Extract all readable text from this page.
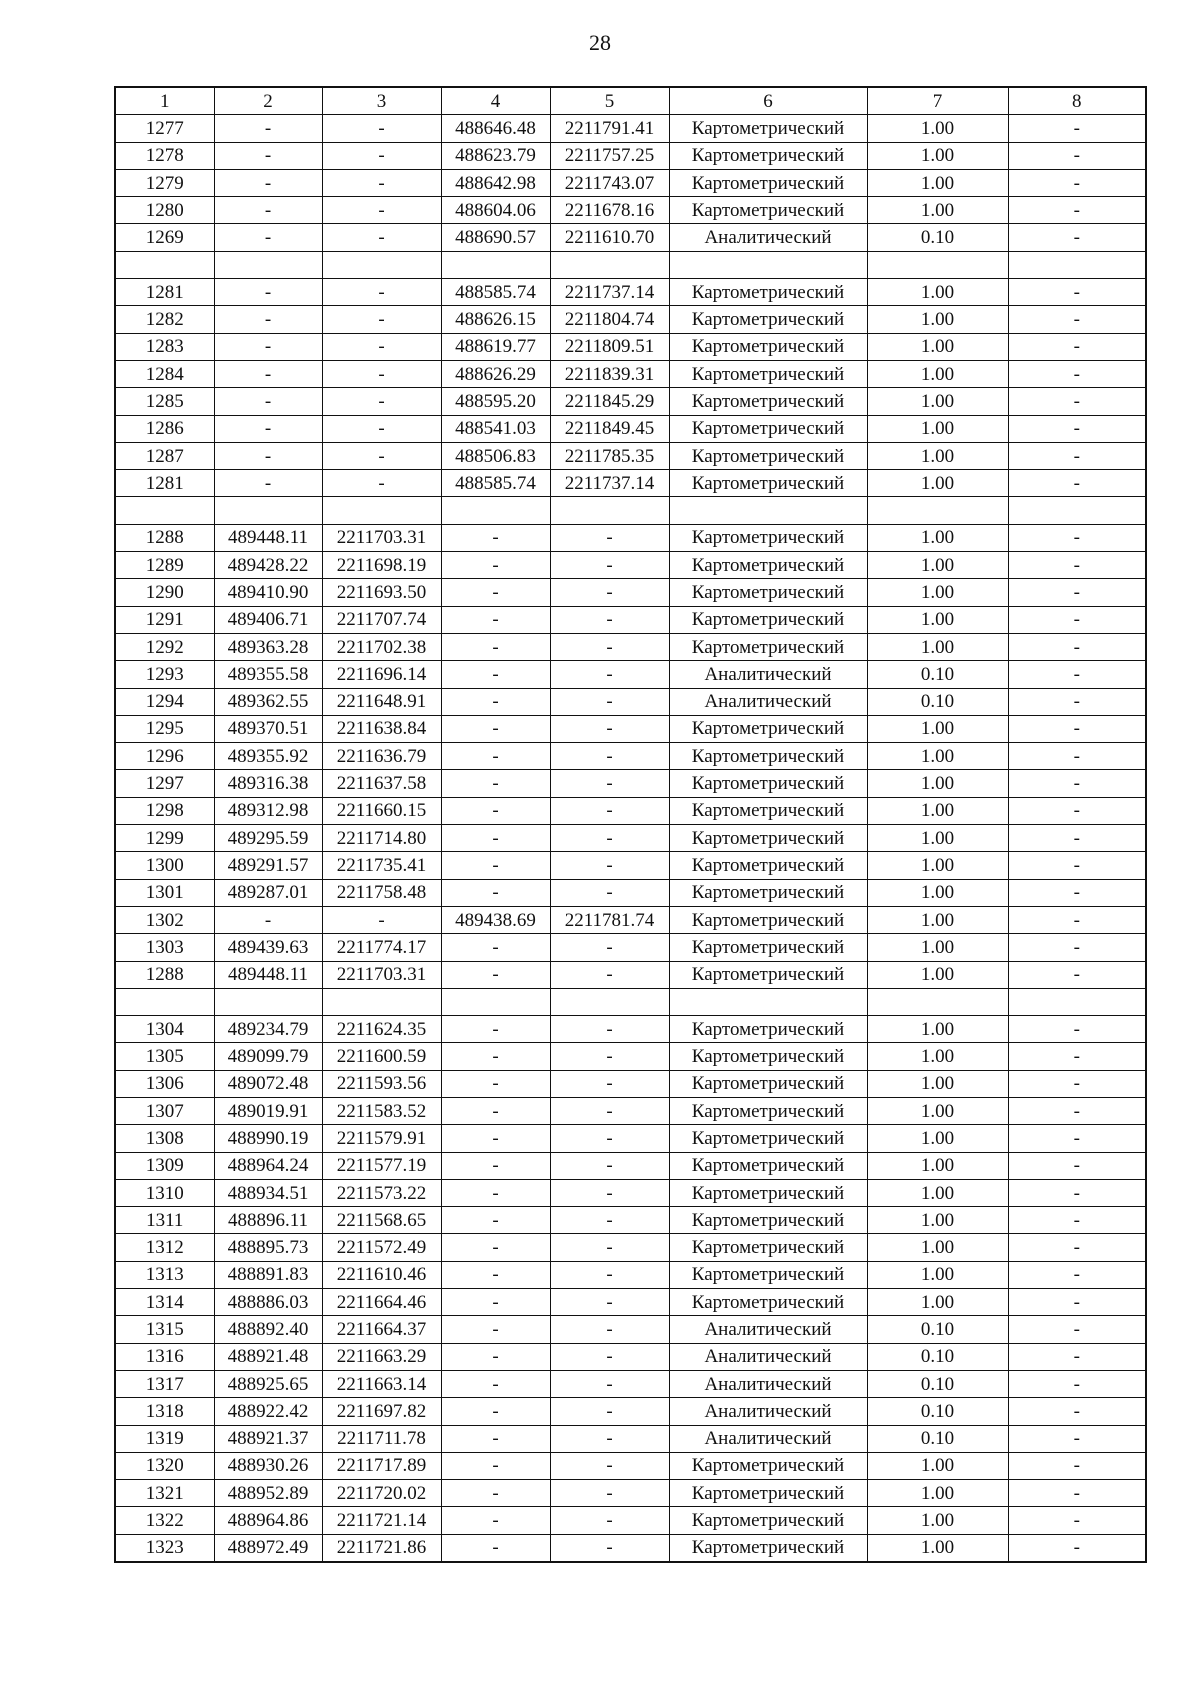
28
1	2	3	4	5	6	7	8
1277	-	-	488646.48	2211791.41	Картометрический	1.00	-
1278	-	-	488623.79	2211757.25	Картометрический	1.00	-
1279	-	-	488642.98	2211743.07	Картометрический	1.00	-
1280	-	-	488604.06	2211678.16	Картометрический	1.00	-
1269	-	-	488690.57	2211610.70	Аналитический	0.10	-

1281	-	-	488585.74	2211737.14	Картометрический	1.00	-
1282	-	-	488626.15	2211804.74	Картометрический	1.00	-
1283	-	-	488619.77	2211809.51	Картометрический	1.00	-
1284	-	-	488626.29	2211839.31	Картометрический	1.00	-
1285	-	-	488595.20	2211845.29	Картометрический	1.00	-
1286	-	-	488541.03	2211849.45	Картометрический	1.00	-
1287	-	-	488506.83	2211785.35	Картометрический	1.00	-
1281	-	-	488585.74	2211737.14	Картометрический	1.00	-

1288	489448.11	2211703.31	-	-	Картометрический	1.00	-
1289	489428.22	2211698.19	-	-	Картометрический	1.00	-
1290	489410.90	2211693.50	-	-	Картометрический	1.00	-
1291	489406.71	2211707.74	-	-	Картометрический	1.00	-
1292	489363.28	2211702.38	-	-	Картометрический	1.00	-
1293	489355.58	2211696.14	-	-	Аналитический	0.10	-
1294	489362.55	2211648.91	-	-	Аналитический	0.10	-
1295	489370.51	2211638.84	-	-	Картометрический	1.00	-
1296	489355.92	2211636.79	-	-	Картометрический	1.00	-
1297	489316.38	2211637.58	-	-	Картометрический	1.00	-
1298	489312.98	2211660.15	-	-	Картометрический	1.00	-
1299	489295.59	2211714.80	-	-	Картометрический	1.00	-
1300	489291.57	2211735.41	-	-	Картометрический	1.00	-
1301	489287.01	2211758.48	-	-	Картометрический	1.00	-
1302	-	-	489438.69	2211781.74	Картометрический	1.00	-
1303	489439.63	2211774.17	-	-	Картометрический	1.00	-
1288	489448.11	2211703.31	-	-	Картометрический	1.00	-

1304	489234.79	2211624.35	-	-	Картометрический	1.00	-
1305	489099.79	2211600.59	-	-	Картометрический	1.00	-
1306	489072.48	2211593.56	-	-	Картометрический	1.00	-
1307	489019.91	2211583.52	-	-	Картометрический	1.00	-
1308	488990.19	2211579.91	-	-	Картометрический	1.00	-
1309	488964.24	2211577.19	-	-	Картометрический	1.00	-
1310	488934.51	2211573.22	-	-	Картометрический	1.00	-
1311	488896.11	2211568.65	-	-	Картометрический	1.00	-
1312	488895.73	2211572.49	-	-	Картометрический	1.00	-
1313	488891.83	2211610.46	-	-	Картометрический	1.00	-
1314	488886.03	2211664.46	-	-	Картометрический	1.00	-
1315	488892.40	2211664.37	-	-	Аналитический	0.10	-
1316	488921.48	2211663.29	-	-	Аналитический	0.10	-
1317	488925.65	2211663.14	-	-	Аналитический	0.10	-
1318	488922.42	2211697.82	-	-	Аналитический	0.10	-
1319	488921.37	2211711.78	-	-	Аналитический	0.10	-
1320	488930.26	2211717.89	-	-	Картометрический	1.00	-
1321	488952.89	2211720.02	-	-	Картометрический	1.00	-
1322	488964.86	2211721.14	-	-	Картометрический	1.00	-
1323	488972.49	2211721.86	-	-	Картометрический	1.00	-
